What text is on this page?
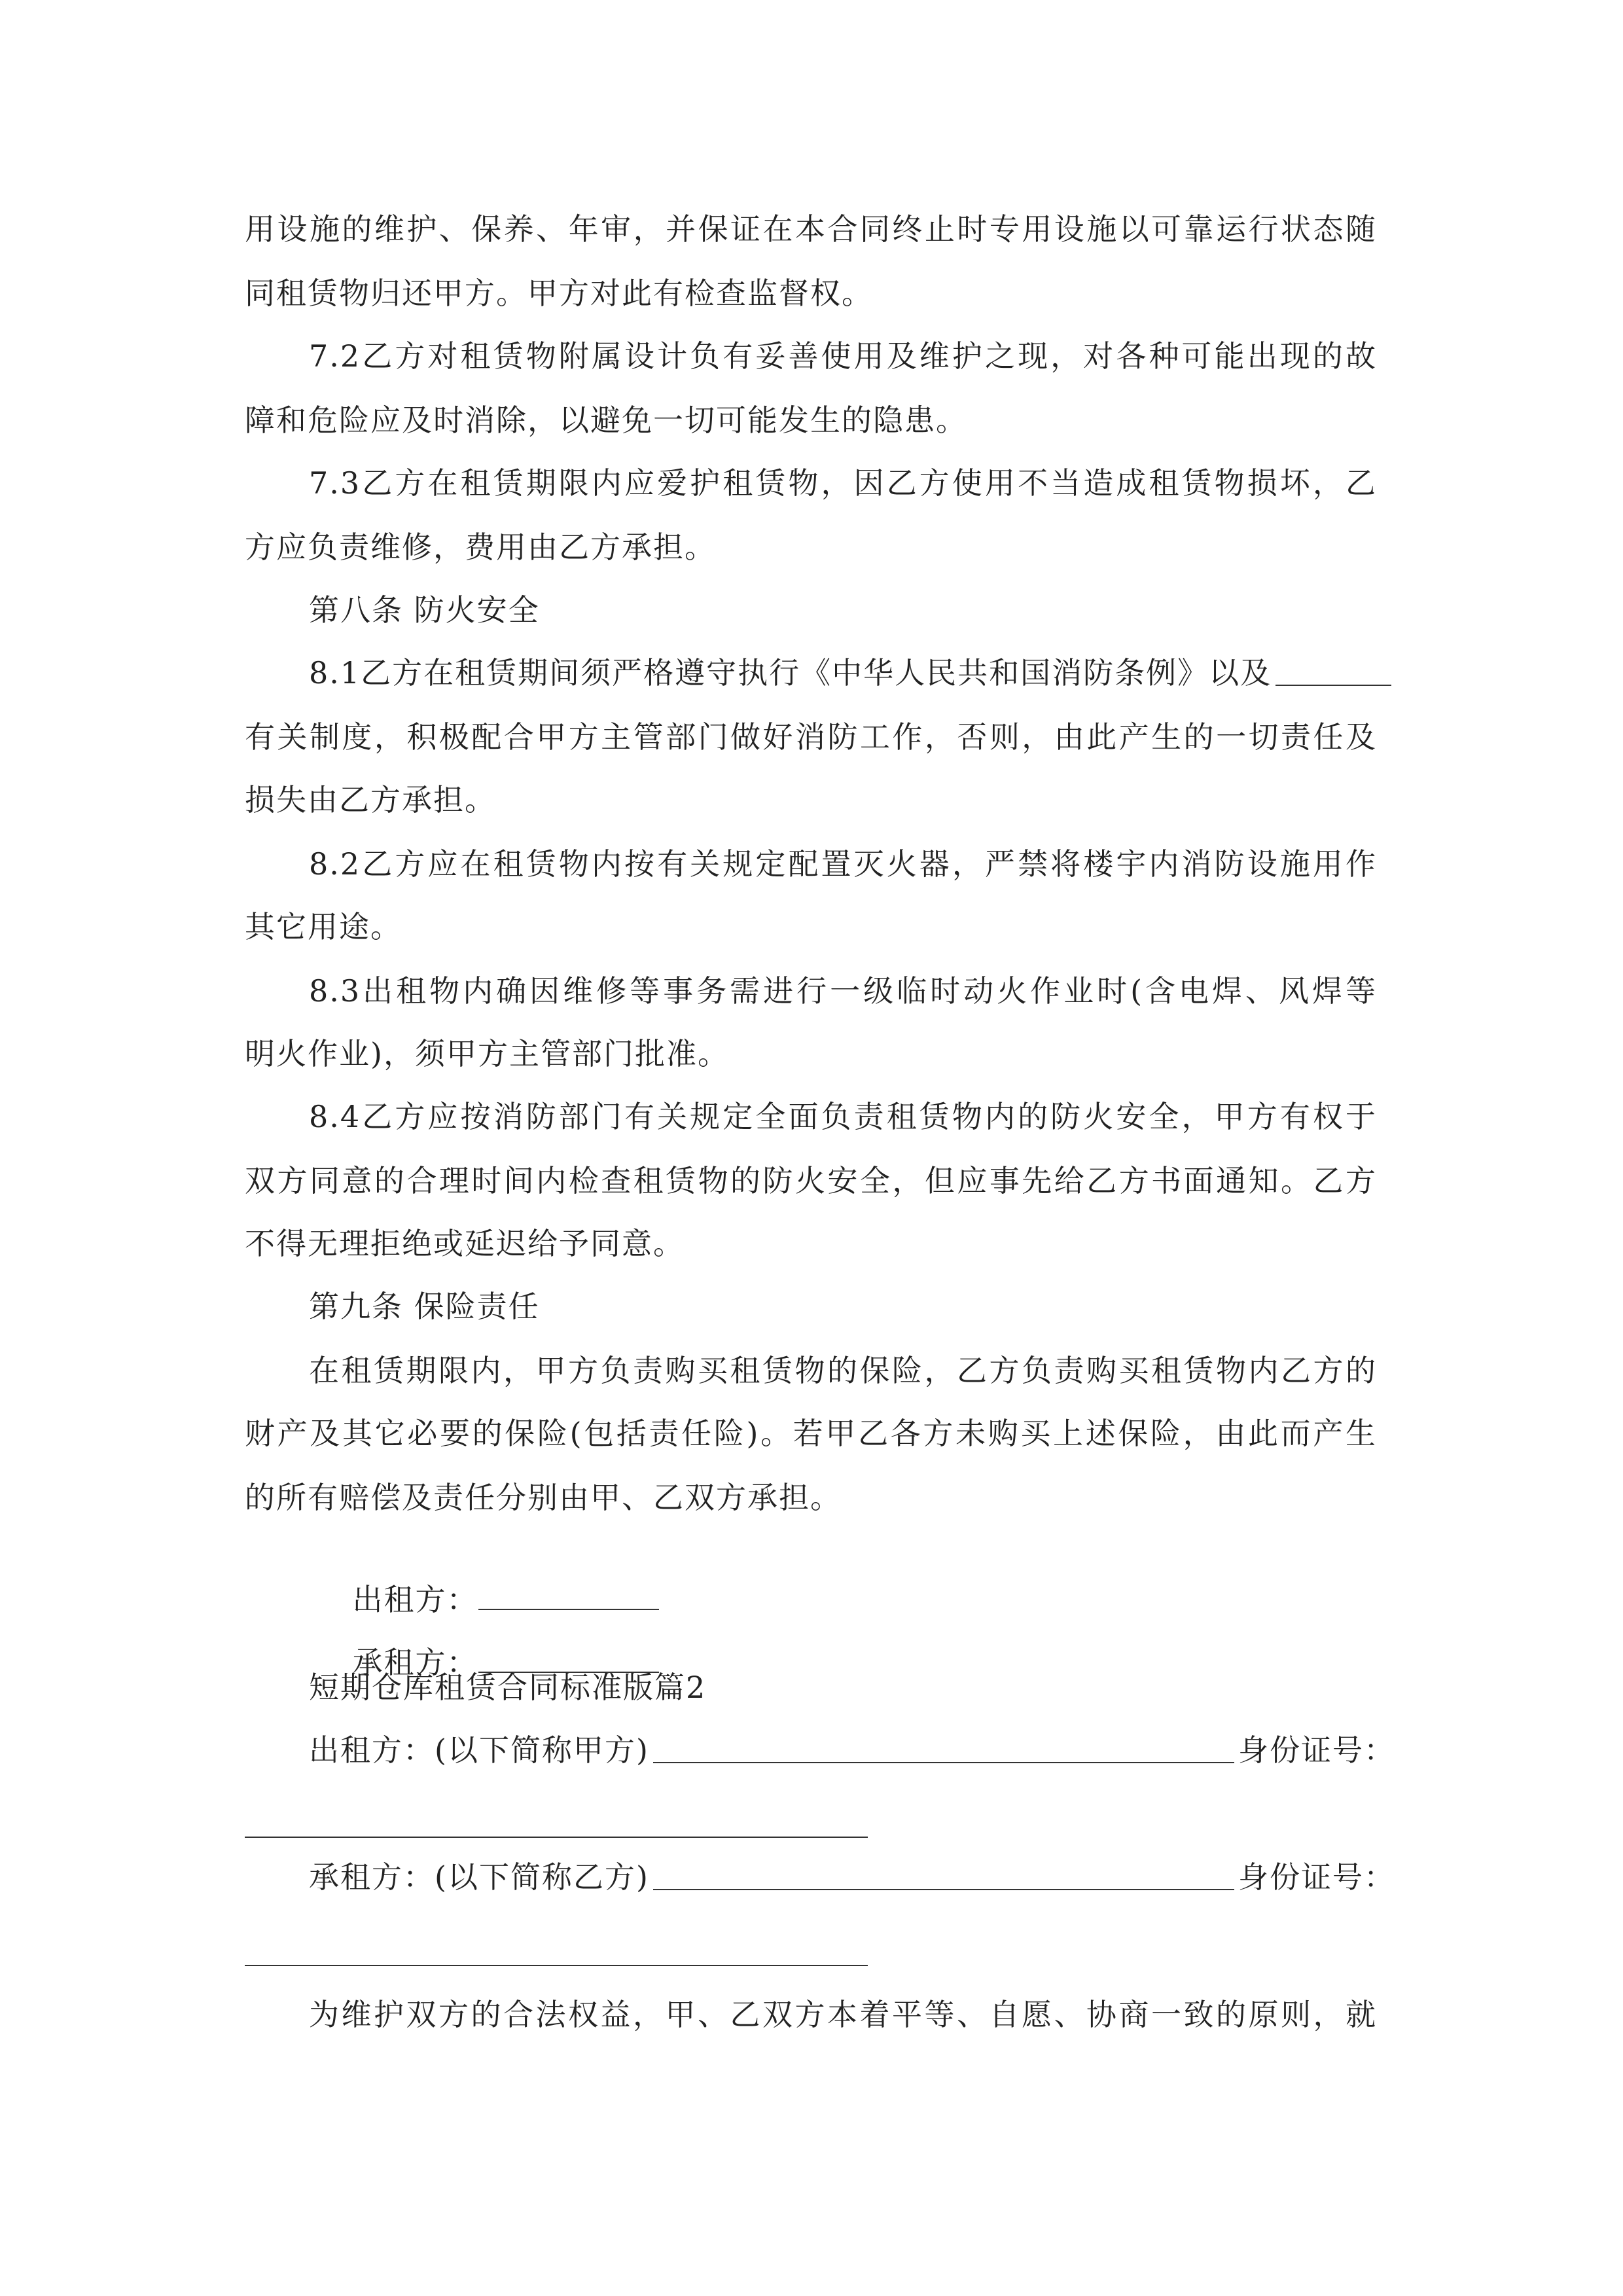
用设施的维护、保养、年审，并保证在本合同终止时专用设施以可靠运行状态随
同租赁物归还甲方。甲方对此有检查监督权。
7.2乙方对租赁物附属设计负有妥善使用及维护之现，对各种可能出现的故
障和危险应及时消除，以避免一切可能发生的隐患。
7.3乙方在租赁期限内应爱护租赁物，因乙方使用不当造成租赁物损坏，乙
方应负责维修，费用由乙方承担。
第八条 防火安全
8.1乙方在租赁期间须严格遵守执行《中华人民共和国消防条例》以及
有关制度，积极配合甲方主管部门做好消防工作，否则，由此产生的一切责任及
损失由乙方承担。
8.2乙方应在租赁物内按有关规定配置灭火器，严禁将楼宇内消防设施用作
其它用途。
8.3出租物内确因维修等事务需进行一级临时动火作业时(含电焊、风焊等
明火作业)，须甲方主管部门批准。
8.4乙方应按消防部门有关规定全面负责租赁物内的防火安全，甲方有权于
双方同意的合理时间内检查租赁物的防火安全，但应事先给乙方书面通知。乙方
不得无理拒绝或延迟给予同意。
第九条 保险责任
在租赁期限内，甲方负责购买租赁物的保险，乙方负责购买租赁物内乙方的
财产及其它必要的保险(包括责任险)。若甲乙各方未购买上述保险，由此而产生
的所有赔偿及责任分别由甲、乙双方承担。

出租方：

承租方：

短期仓库租赁合同标准版篇2
出租方：(以下简称甲方)	身份证号：
承租方：(以下简称乙方)	身份证号：
为维护双方的合法权益，甲、乙双方本着平等、自愿、协商一致的原则，就
